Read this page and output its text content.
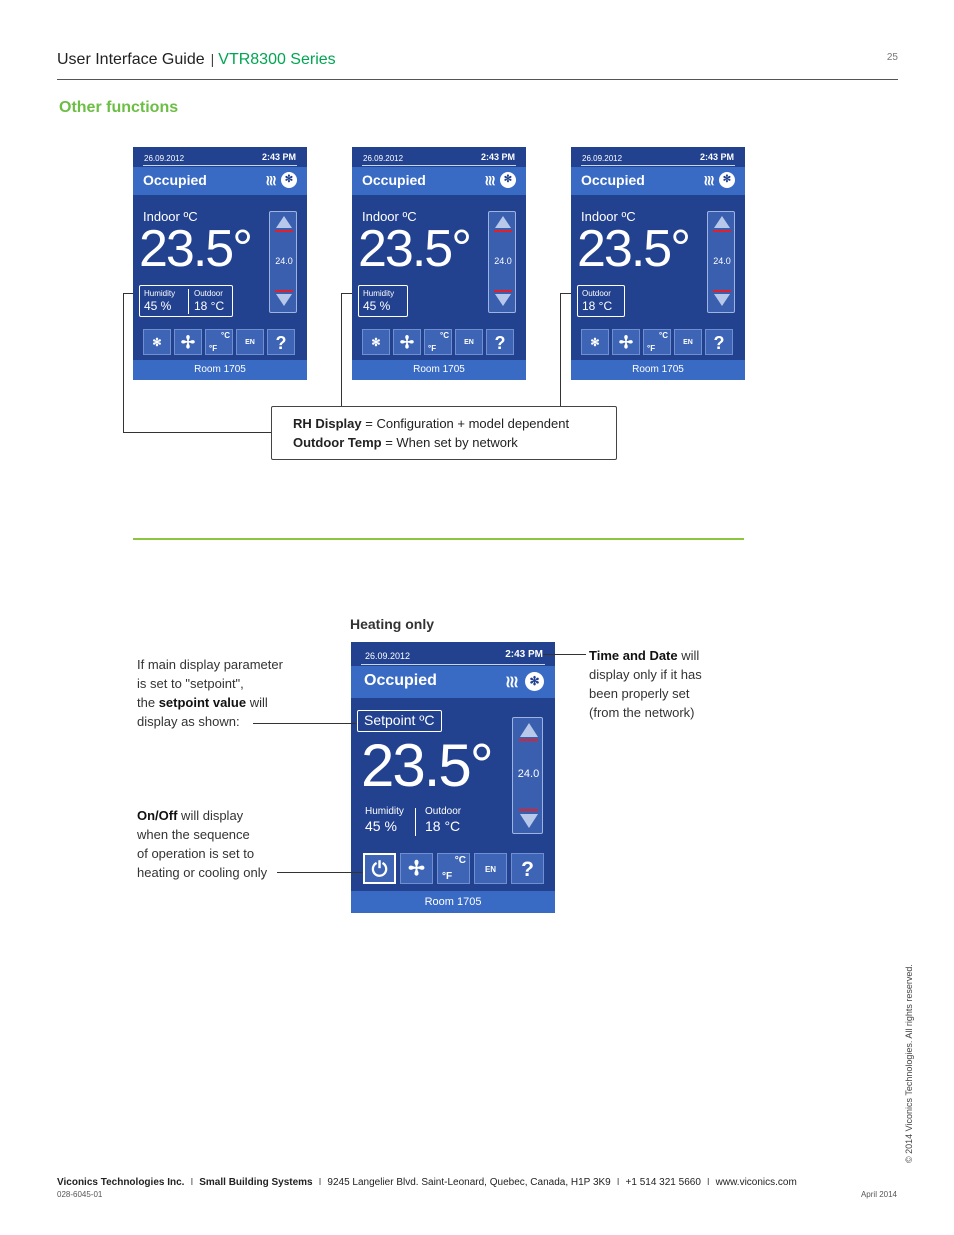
User Interface Guide | VTR8300 Series	25
Other functions
26.09.2012	2:43 PM
Occupied	≀≀≀ ✻
Indoor ºC
23.5°	24.0
Humidity
45 %
Outdoor
18 °C
✻	✢	°C
°F
EN	?
Room 1705
26.09.2012	2:43 PM
Occupied	≀≀≀ ✻
Indoor ºC
23.5°	24.0
Humidity
45 %
✻	✢	°C
°F
EN	?
Room 1705
26.09.2012	2:43 PM
Occupied	≀≀≀ ✻
Indoor ºC
23.5°	24.0
Outdoor
18 °C
✻	✢	°C
°F
EN	?
Room 1705
RH Display = Configuration + model dependent
Outdoor Temp = When set by network
Heating only
26.09.2012	2:43 PM
Occupied	≀≀≀	✻
Setpoint ºC
23.5°	24.0
Humidity
45 %
Outdoor
18 °C
⏻	✢	°C
°F
EN	?
Room 1705
If main display parameter
is set to "setpoint",
the setpoint value will
display as shown:
On/Off will display
when the sequence
of operation is set to
heating or cooling only
Time and Date will
display only if it has
been properly set
(from the network)
© 2014 Viconics Technologies. All rights reserved.
Viconics Technologies Inc. I Small Building Systems I 9245 Langelier Blvd. Saint-Leonard, Quebec, Canada, H1P 3K9 I +1 514 321 5660 I www.viconics.com
028-6045-01	April 2014
